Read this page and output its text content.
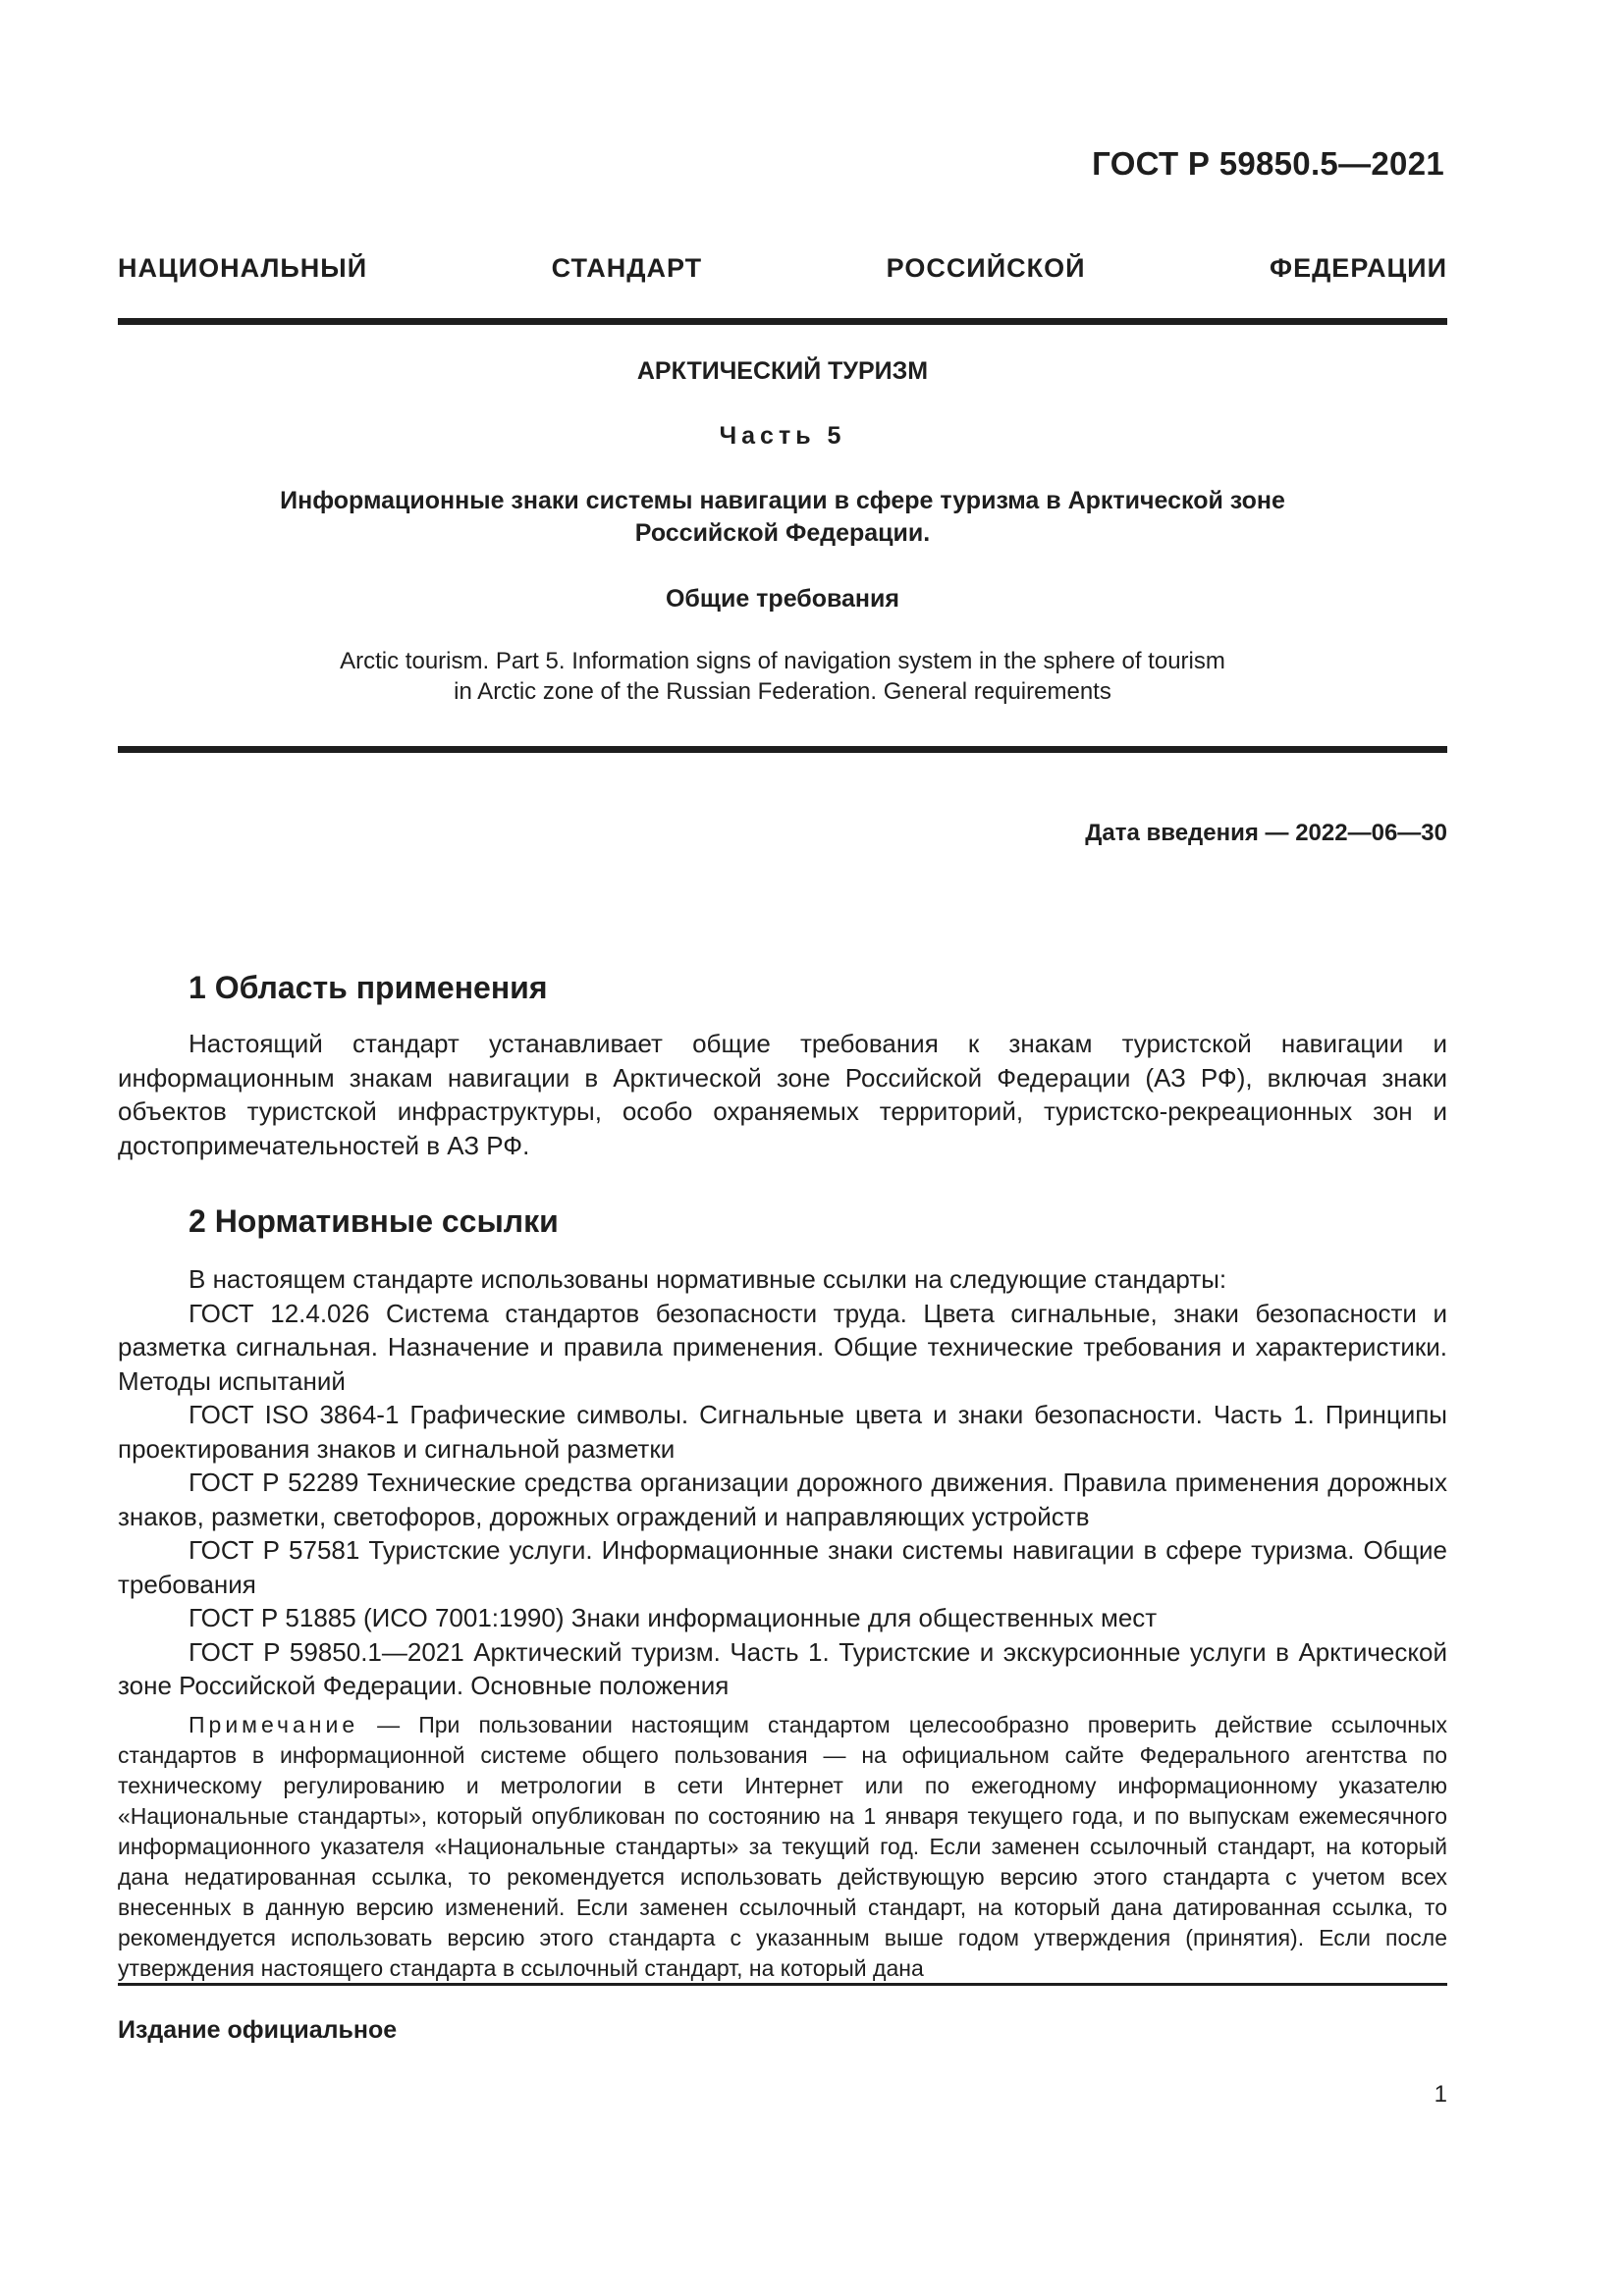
ГОСТ Р 59850.5—2021
НАЦИОНАЛЬНЫЙ СТАНДАРТ РОССИЙСКОЙ ФЕДЕРАЦИИ
АРКТИЧЕСКИЙ ТУРИЗМ
Часть 5
Информационные знаки системы навигации в сфере туризма в Арктической зоне
Российской Федерации.
Общие требования
Arctic tourism. Part 5. Information signs of navigation system in the sphere of tourism
in Arctic zone of the Russian Federation. General requirements
Дата введения — 2022—06—30
1 Область применения

Настоящий стандарт устанавливает общие требования к знакам туристской навигации и информационным знакам навигации в Арктической зоне Российской Федерации (АЗ РФ), включая знаки объектов туристской инфраструктуры, особо охраняемых территорий, туристско-рекреационных зон и достопримечательностей в АЗ РФ.

2 Нормативные ссылки

В настоящем стандарте использованы нормативные ссылки на следующие стандарты:

ГОСТ 12.4.026 Система стандартов безопасности труда. Цвета сигнальные, знаки безопасности и разметка сигнальная. Назначение и правила применения. Общие технические требования и характеристики. Методы испытаний

ГОСТ ISO 3864-1 Графические символы. Сигнальные цвета и знаки безопасности. Часть 1. Принципы проектирования знаков и сигнальной разметки

ГОСТ Р 52289 Технические средства организации дорожного движения. Правила применения дорожных знаков, разметки, светофоров, дорожных ограждений и направляющих устройств

ГОСТ Р 57581 Туристские услуги. Информационные знаки системы навигации в сфере туризма. Общие требования

ГОСТ Р 51885 (ИСО 7001:1990) Знаки информационные для общественных мест

ГОСТ Р 59850.1—2021 Арктический туризм. Часть 1. Туристские и экскурсионные услуги в Арктической зоне Российской Федерации. Основные положения

Примечание — При пользовании настоящим стандартом целесообразно проверить действие ссылочных стандартов в информационной системе общего пользования — на официальном сайте Федерального агентства по техническому регулированию и метрологии в сети Интернет или по ежегодному информационному указателю «Национальные стандарты», который опубликован по состоянию на 1 января текущего года, и по выпускам ежемесячного информационного указателя «Национальные стандарты» за текущий год. Если заменен ссылочный стандарт, на который дана недатированная ссылка, то рекомендуется использовать действующую версию этого стандарта с учетом всех внесенных в данную версию изменений. Если заменен ссылочный стандарт, на который дана датированная ссылка, то рекомендуется использовать версию этого стандарта с указанным выше годом утверждения (принятия). Если после утверждения настоящего стандарта в ссылочный стандарт, на который дана

Издание официальное
1
